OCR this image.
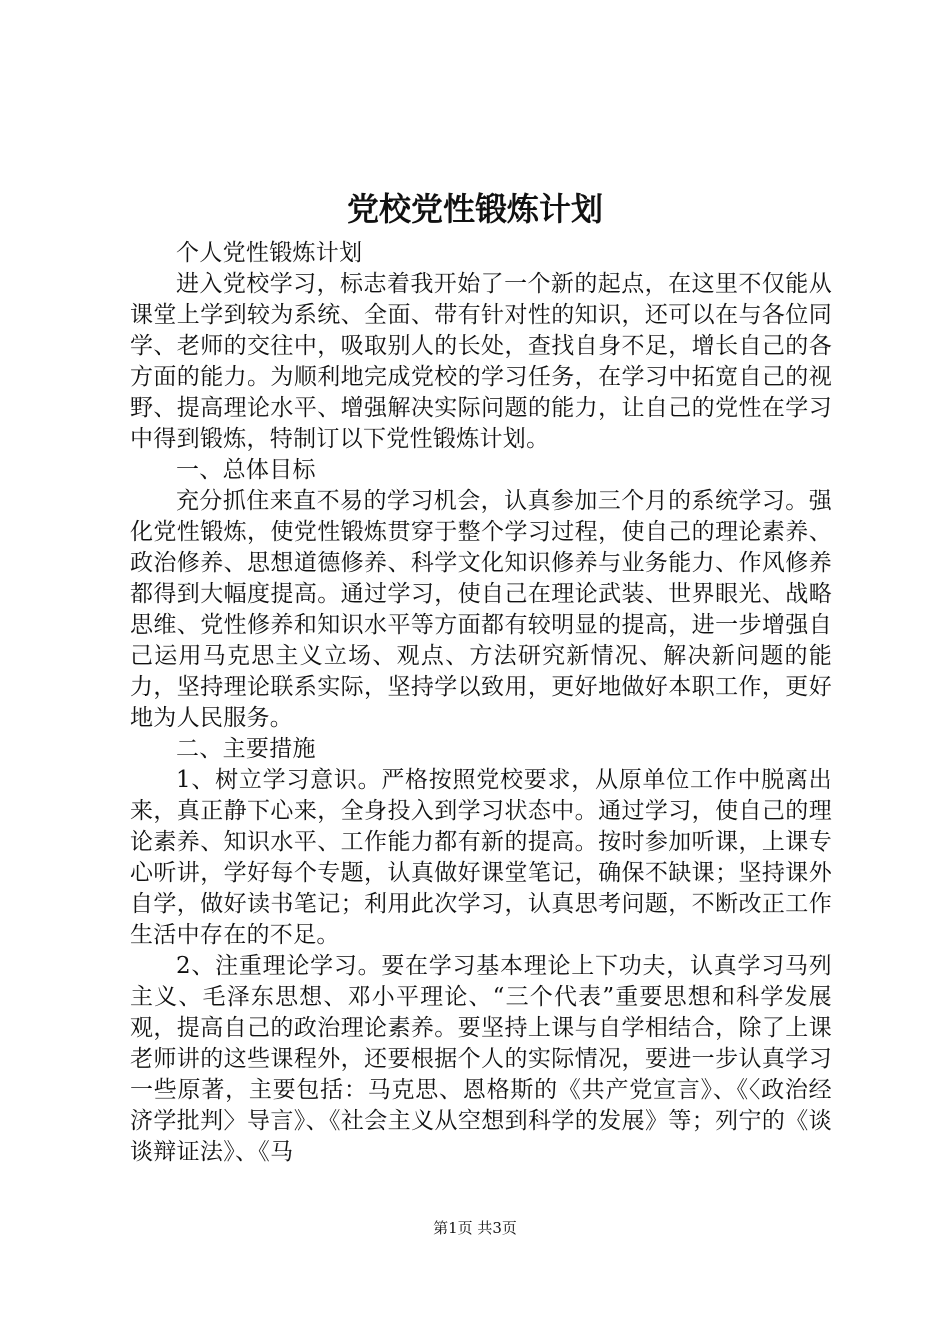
党校党性锻炼计划

个人党性锻炼计划

进入党校学习，标志着我开始了一个新的起点，在这里不仅能从课堂上学到较为系统、全面、带有针对性的知识，还可以在与各位同学、老师的交往中，吸取别人的长处，查找自身不足，增长自己的各方面的能力。为顺利地完成党校的学习任务，在学习中拓宽自己的视野、提高理论水平、增强解决实际问题的能力，让自己的党性在学习中得到锻炼，特制订以下党性锻炼计划。

一、总体目标

充分抓住来直不易的学习机会，认真参加三个月的系统学习。强化党性锻炼，使党性锻炼贯穿于整个学习过程，使自己的理论素养、政治修养、思想道德修养、科学文化知识修养与业务能力、作风修养都得到大幅度提高。通过学习，使自己在理论武装、世界眼光、战略思维、党性修养和知识水平等方面都有较明显的提高，进一步增强自己运用马克思主义立场、观点、方法研究新情况、解决新问题的能力，坚持理论联系实际，坚持学以致用，更好地做好本职工作，更好地为人民服务。

二、主要措施

1、树立学习意识。严格按照党校要求，从原单位工作中脱离出来，真正静下心来，全身投入到学习状态中。通过学习，使自己的理论素养、知识水平、工作能力都有新的提高。按时参加听课，上课专心听讲，学好每个专题，认真做好课堂笔记，确保不缺课；坚持课外自学，做好读书笔记；利用此次学习，认真思考问题，不断改正工作生活中存在的不足。

2、注重理论学习。要在学习基本理论上下功夫，认真学习马列主义、毛泽东思想、邓小平理论、“三个代表”重要思想和科学发展观，提高自己的政治理论素养。要坚持上课与自学相结合，除了上课老师讲的这些课程外，还要根据个人的实际情况，要进一步认真学习一些原著，主要包括：马克思、恩格斯的《共产党宣言》、《〈政治经济学批判〉导言》、《社会主义从空想到科学的发展》等；列宁的《谈谈辩证法》、《马

第1页 共3页
